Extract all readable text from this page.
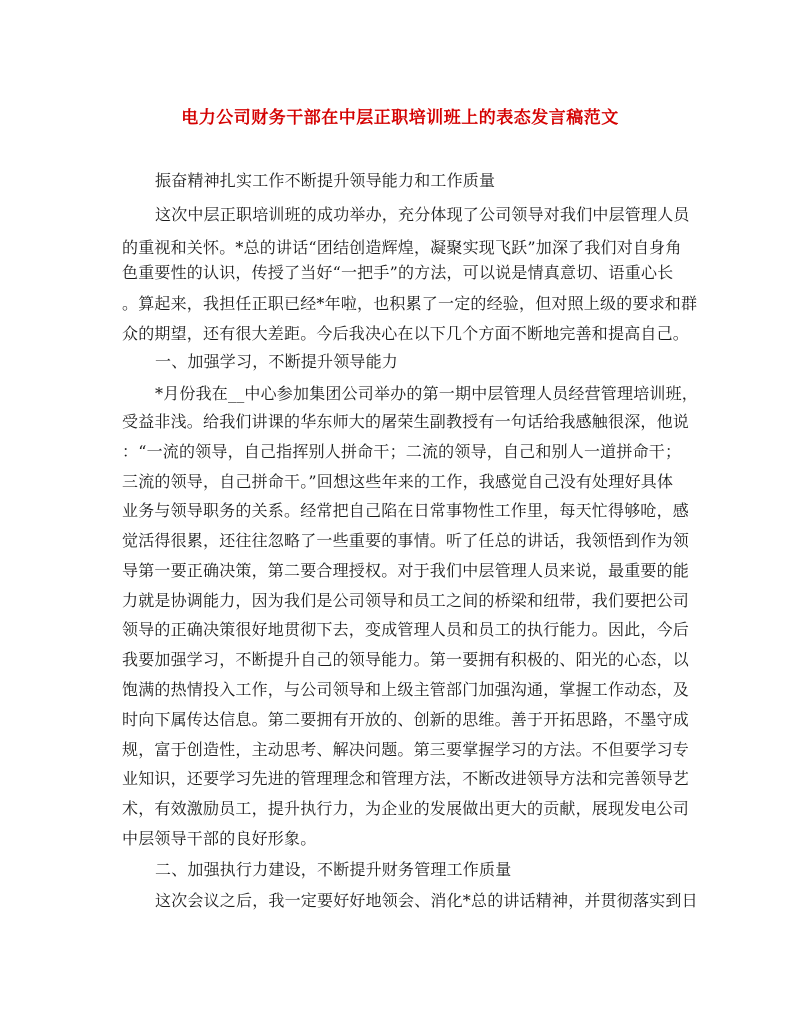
电力公司财务干部在中层正职培训班上的表态发言稿范文
振奋精神扎实工作不断提升领导能力和工作质量
这次中层正职培训班的成功举办，充分体现了公司领导对我们中层管理人员
的重视和关怀。*总的讲话“团结创造辉煌，凝聚实现飞跃”加深了我们对自身角
色重要性的认识，传授了当好“一把手”的方法，可以说是情真意切、语重心长
。算起来，我担任正职已经*年啦，也积累了一定的经验，但对照上级的要求和群
众的期望，还有很大差距。今后我决心在以下几个方面不断地完善和提高自己。
一、加强学习，不断提升领导能力
*月份我在__中心参加集团公司举办的第一期中层管理人员经营管理培训班，
受益非浅。给我们讲课的华东师大的屠荣生副教授有一句话给我感触很深，他说
：“一流的领导，自己指挥别人拼命干；二流的领导，自己和别人一道拼命干；
三流的领导，自己拼命干。”回想这些年来的工作，我感觉自己没有处理好具体
业务与领导职务的关系。经常把自己陷在日常事物性工作里，每天忙得够呛，感
觉活得很累，还往往忽略了一些重要的事情。听了任总的讲话，我领悟到作为领
导第一要正确决策，第二要合理授权。对于我们中层管理人员来说，最重要的能
力就是协调能力，因为我们是公司领导和员工之间的桥梁和纽带，我们要把公司
领导的正确决策很好地贯彻下去，变成管理人员和员工的执行能力。因此，今后
我要加强学习，不断提升自己的领导能力。第一要拥有积极的、阳光的心态，以
饱满的热情投入工作，与公司领导和上级主管部门加强沟通，掌握工作动态，及
时向下属传达信息。第二要拥有开放的、创新的思维。善于开拓思路，不墨守成
规，富于创造性，主动思考、解决问题。第三要掌握学习的方法。不但要学习专
业知识，还要学习先进的管理理念和管理方法，不断改进领导方法和完善领导艺
术，有效激励员工，提升执行力，为企业的发展做出更大的贡献，展现发电公司
中层领导干部的良好形象。
二、加强执行力建设，不断提升财务管理工作质量
这次会议之后，我一定要好好地领会、消化*总的讲话精神，并贯彻落实到日
